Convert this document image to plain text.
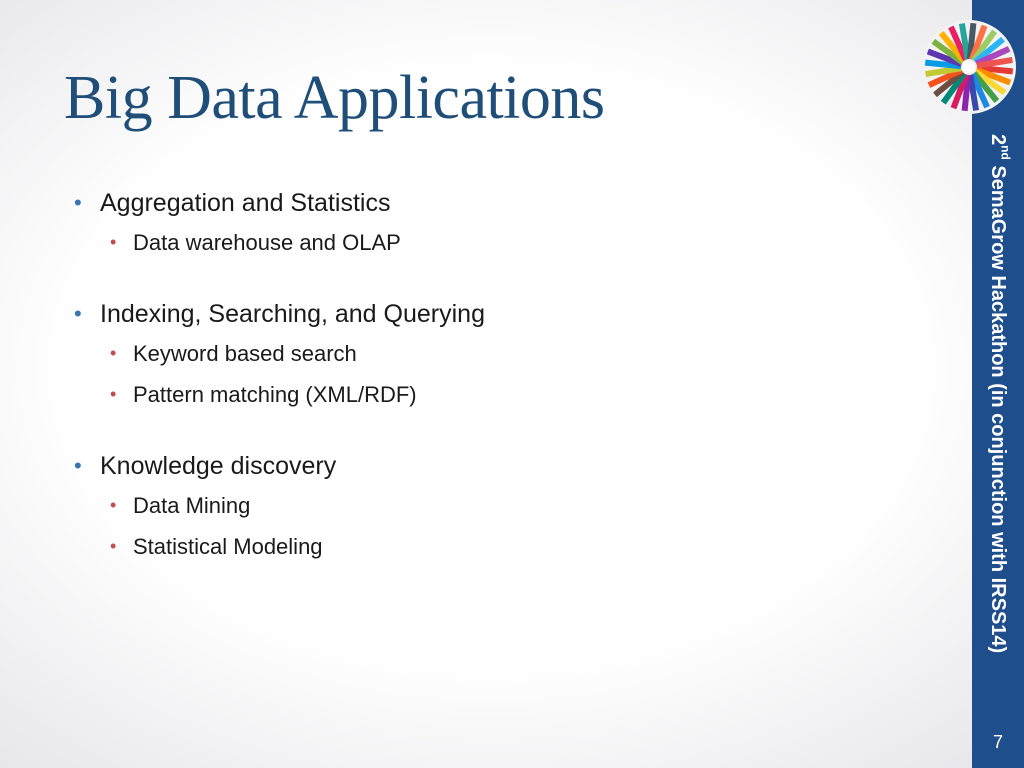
Big Data Applications
• Aggregation and Statistics
• Data warehouse and OLAP
• Indexing, Searching, and Querying
• Keyword based search
• Pattern matching (XML/RDF)
• Knowledge discovery
• Data Mining
• Statistical Modeling
2nd SemaGrow Hackathon (in conjunction with IRSS14)
7
